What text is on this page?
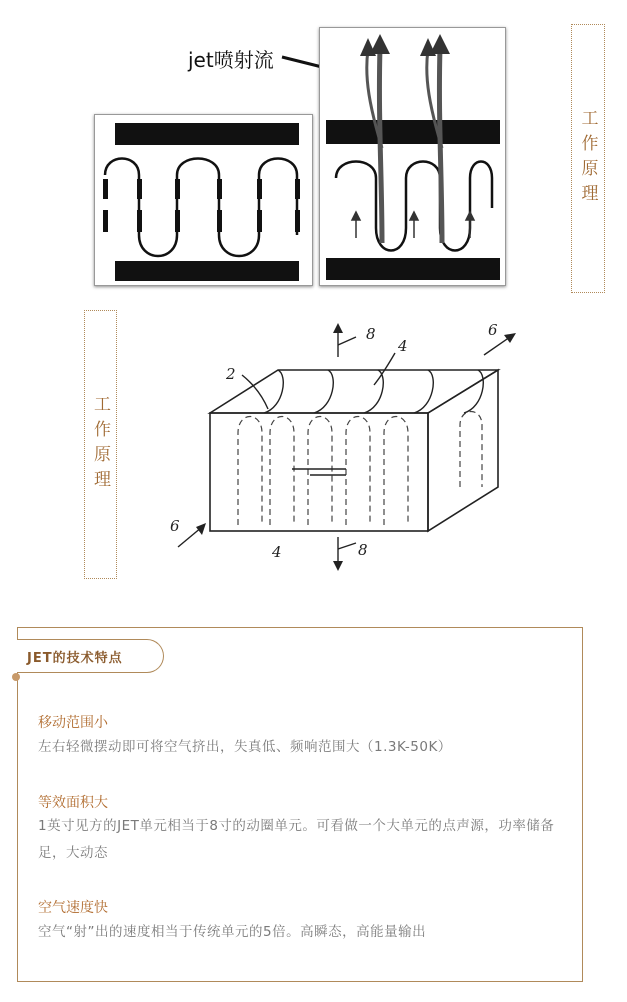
jet喷射流
工作原理
工作原理
8
4
6
2
6
4	8
JET的技术特点
移动范围小
左右轻微摆动即可将空气挤出，失真低、频响范围大（1.3K-50K）
等效面积大
1英寸见方的JET单元相当于8寸的动圈单元。可看做一个大单元的点声源，功率储备足，大动态
空气速度快
空气“射”出的速度相当于传统单元的5倍。高瞬态，高能量输出
